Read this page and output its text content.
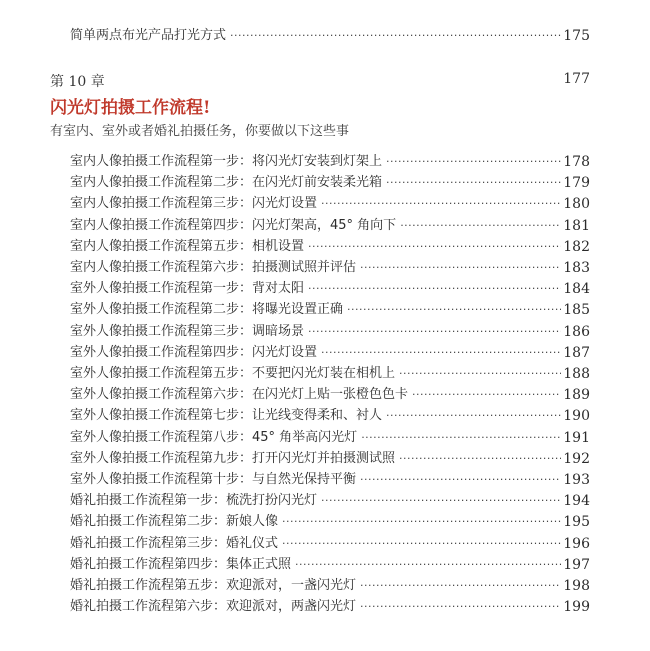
简单两点布光产品打光方式 ·····	175
第 10 章	177
闪光灯拍摄工作流程!
有室内、室外或者婚礼拍摄任务，你要做以下这些事
室内人像拍摄工作流程第一步：将闪光灯安装到灯架上 ·····	178
室内人像拍摄工作流程第二步：在闪光灯前安装柔光箱 ·····	179
室内人像拍摄工作流程第三步：闪光灯设置 ·····	180
室内人像拍摄工作流程第四步：闪光灯架高，45° 角向下 ·····	181
室内人像拍摄工作流程第五步：相机设置 ·····	182
室内人像拍摄工作流程第六步：拍摄测试照并评估 ·····	183
室外人像拍摄工作流程第一步：背对太阳 ·····	184
室外人像拍摄工作流程第二步：将曝光设置正确 ·····	185
室外人像拍摄工作流程第三步：调暗场景 ·····	186
室外人像拍摄工作流程第四步：闪光灯设置 ·····	187
室外人像拍摄工作流程第五步：不要把闪光灯装在相机上 ·····	188
室外人像拍摄工作流程第六步：在闪光灯上贴一张橙色色卡 ·····	189
室外人像拍摄工作流程第七步：让光线变得柔和、衬人 ·····	190
室外人像拍摄工作流程第八步：45° 角举高闪光灯 ·····	191
室外人像拍摄工作流程第九步：打开闪光灯并拍摄测试照 ·····	192
室外人像拍摄工作流程第十步：与自然光保持平衡 ·····	193
婚礼拍摄工作流程第一步：梳洗打扮闪光灯 ·····	194
婚礼拍摄工作流程第二步：新娘人像 ·····	195
婚礼拍摄工作流程第三步：婚礼仪式 ·····	196
婚礼拍摄工作流程第四步：集体正式照 ·····	197
婚礼拍摄工作流程第五步：欢迎派对，一盏闪光灯 ·····	198
婚礼拍摄工作流程第六步：欢迎派对，两盏闪光灯 ·····	199
